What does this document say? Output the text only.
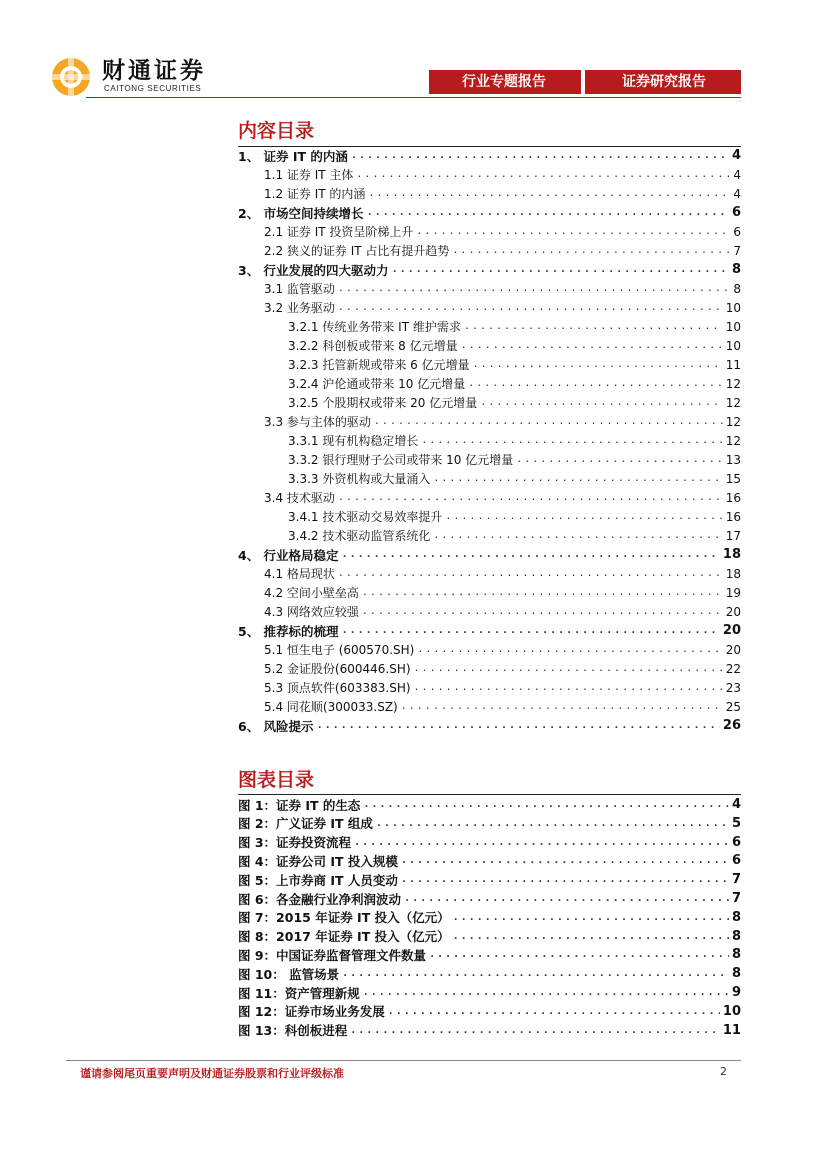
财通证券
CAITONG SECURITIES	行业专题报告	证券研究报告
内容目录
1、 证券 IT 的内涵 .....	4
1.1 证券 IT 主体 .....	4
1.2 证券 IT 的内涵 .....	4
2、 市场空间持续增长 .....	6
2.1 证券 IT 投资呈阶梯上升 .....	6
2.2 狭义的证券 IT 占比有提升趋势 .....	7
3、 行业发展的四大驱动力 .....	8
3.1 监管驱动 .....	8
3.2 业务驱动 .....	10
3.2.1 传统业务带来 IT 维护需求 .....	10
3.2.2 科创板或带来 8 亿元增量 .....	10
3.2.3 托管新规或带来 6 亿元增量 .....	11
3.2.4 沪伦通或带来 10 亿元增量 .....	12
3.2.5 个股期权或带来 20 亿元增量 .....	12
3.3 参与主体的驱动 .....	12
3.3.1 现有机构稳定增长 .....	12
3.3.2 银行理财子公司或带来 10 亿元增量 .....	13
3.3.3 外资机构或大量涌入 .....	15
3.4 技术驱动 .....	16
3.4.1 技术驱动交易效率提升 .....	16
3.4.2 技术驱动监管系统化 .....	17
4、 行业格局稳定 .....	18
4.1 格局现状 .....	18
4.2 空间小壁垒高 .....	19
4.3 网络效应较强 .....	20
5、 推荐标的梳理 .....	20
5.1 恒生电子 (600570.SH) .....	20
5.2 金证股份(600446.SH) .....	22
5.3 顶点软件(603383.SH) .....	23
5.4 同花顺(300033.SZ) .....	25
6、 风险提示 .....	26
图表目录
图 1：证券 IT 的生态 .....	4
图 2：广义证券 IT 组成 .....	5
图 3：证券投资流程 .....	6
图 4：证券公司 IT 投入规模 .....	6
图 5：上市券商 IT 人员变动 .....	7
图 6：各金融行业净利润波动 .....	7
图 7：2015 年证券 IT 投入（亿元） .....	8
图 8：2017 年证券 IT 投入（亿元） .....	8
图 9：中国证券监督管理文件数量 .....	8
图 10： 监管场景 .....	8
图 11：资产管理新规 .....	9
图 12：证券市场业务发展 .....	10
图 13：科创板进程 .....	11
谨请参阅尾页重要声明及财通证券股票和行业评级标准	2
